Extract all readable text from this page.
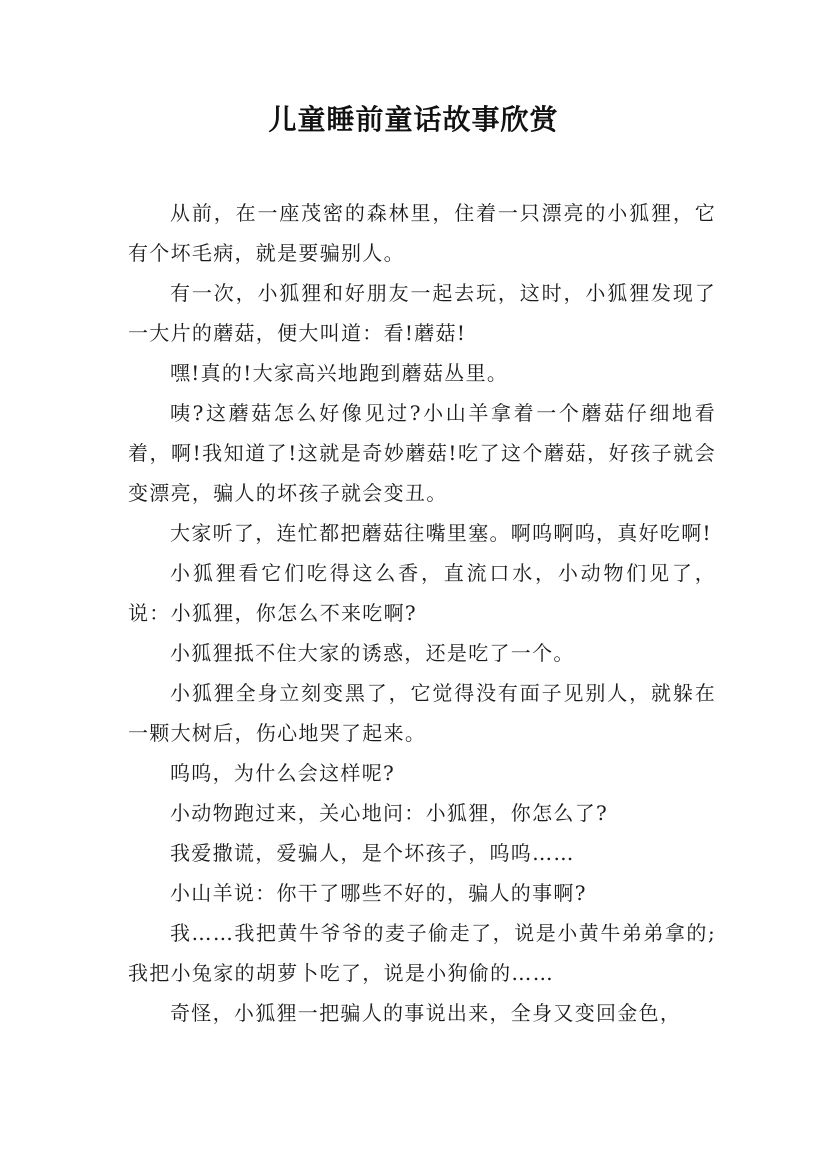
儿童睡前童话故事欣赏

从前，在一座茂密的森林里，住着一只漂亮的小狐狸，它有个坏毛病，就是要骗别人。

有一次，小狐狸和好朋友一起去玩，这时，小狐狸发现了一大片的蘑菇，便大叫道：看!蘑菇!

嘿!真的!大家高兴地跑到蘑菇丛里。

咦?这蘑菇怎么好像见过?小山羊拿着一个蘑菇仔细地看着，啊!我知道了!这就是奇妙蘑菇!吃了这个蘑菇，好孩子就会变漂亮，骗人的坏孩子就会变丑。

大家听了，连忙都把蘑菇往嘴里塞。啊呜啊呜，真好吃啊!

小狐狸看它们吃得这么香，直流口水，小动物们见了，说：小狐狸，你怎么不来吃啊?

小狐狸抵不住大家的诱惑，还是吃了一个。

小狐狸全身立刻变黑了，它觉得没有面子见别人，就躲在一颗大树后，伤心地哭了起来。

呜呜，为什么会这样呢?

小动物跑过来，关心地问：小狐狸，你怎么了?

我爱撒谎，爱骗人，是个坏孩子，呜呜……

小山羊说：你干了哪些不好的，骗人的事啊?

我……我把黄牛爷爷的麦子偷走了，说是小黄牛弟弟拿的;我把小兔家的胡萝卜吃了，说是小狗偷的……

奇怪，小狐狸一把骗人的事说出来，全身又变回金色，
